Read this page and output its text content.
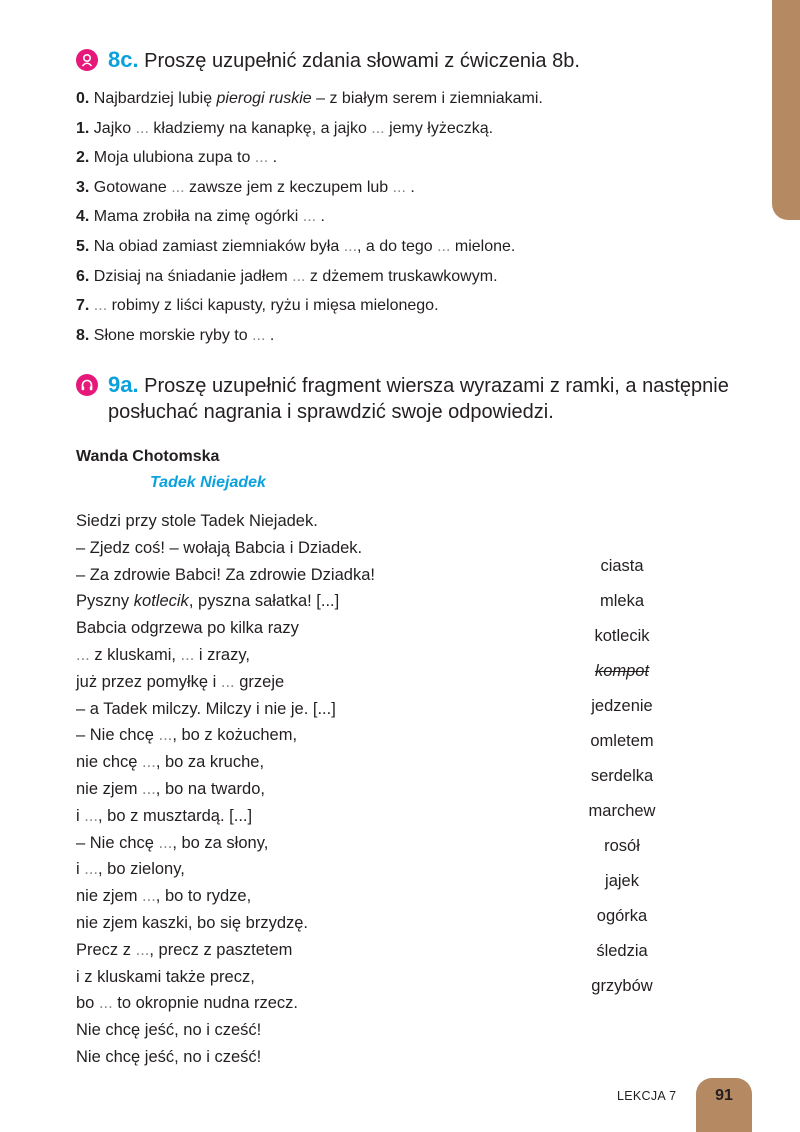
8c. Proszę uzupełnić zdania słowami z ćwiczenia 8b.
0. Najbardziej lubię pierogi ruskie – z białym serem i ziemniakami.
1. Jajko ... kładziemy na kanapkę, a jajko ... jemy łyżeczką.
2. Moja ulubiona zupa to ... .
3. Gotowane ... zawsze jem z keczupem lub ... .
4. Mama zrobiła na zimę ogórki ... .
5. Na obiad zamiast ziemniaków była ..., a do tego ... mielone.
6. Dzisiaj na śniadanie jadłem ... z dżemem truskawkowym.
7. ... robimy z liści kapusty, ryżu i mięsa mielonego.
8. Słone morskie ryby to ... .
9a. Proszę uzupełnić fragment wiersza wyrazami z ramki, a następnie
posłuchać nagrania i sprawdzić swoje odpowiedzi.
Wanda Chotomska
Tadek Niejadek
Siedzi przy stole Tadek Niejadek.
– Zjedz coś! – wołają Babcia i Dziadek.
– Za zdrowie Babci! Za zdrowie Dziadka!
Pyszny kotlecik, pyszna sałatka! [...]
Babcia odgrzewa po kilka razy
... z kluskami, ... i zrazy,
już przez pomyłkę i ... grzeje
– a Tadek milczy. Milczy i nie je. [...]
– Nie chcę ..., bo z kożuchem,
nie chcę ..., bo za kruche,
nie zjem ..., bo na twardo,
i ..., bo z musztardą. [...]
– Nie chcę ..., bo za słony,
i ..., bo zielony,
nie zjem ..., bo to rydze,
nie zjem kaszki, bo się brzydzę.
Precz z ..., precz z pasztetem
i z kluskami także precz,
bo ... to okropnie nudna rzecz.
Nie chcę jeść, no i cześć!
Nie chcę jeść, no i cześć!
ciasta
mleka
kotlecik
kompot
jedzenie
omletem
serdelka
marchew
rosół
jajek
ogórka
śledzia
grzybów
LEKCJA 7	91
